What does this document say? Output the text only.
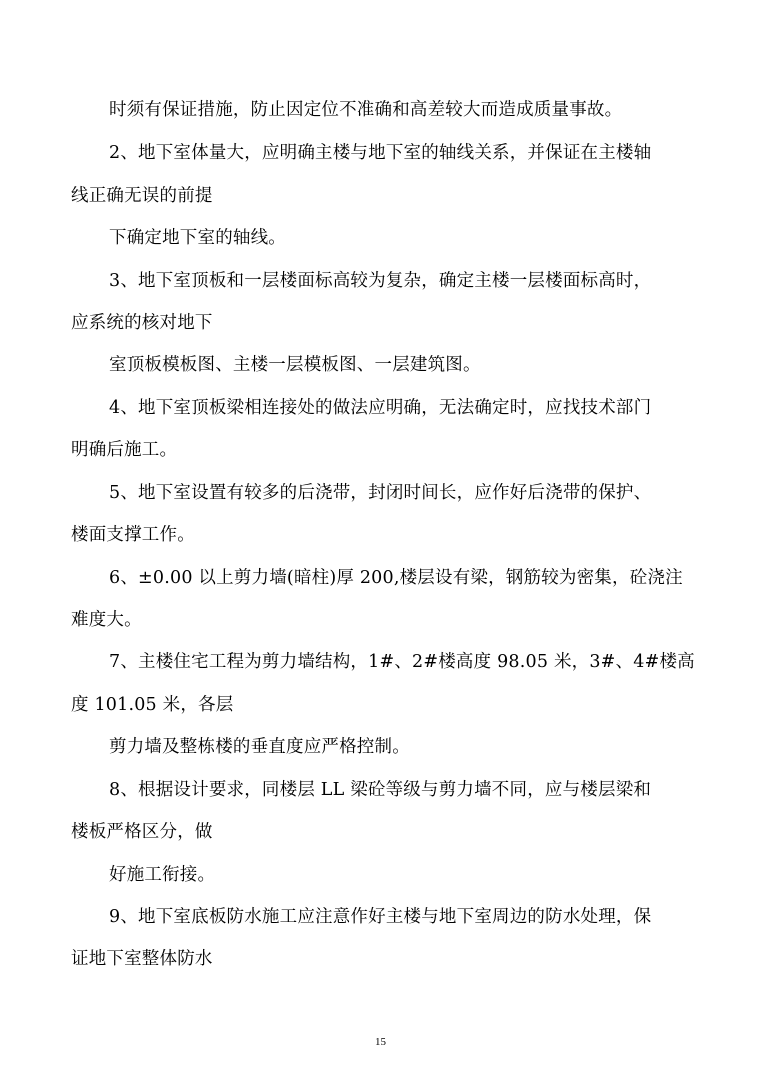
时须有保证措施，防止因定位不准确和高差较大而造成质量事故。
2、地下室体量大，应明确主楼与地下室的轴线关系，并保证在主楼轴
线正确无误的前提
下确定地下室的轴线。
3、地下室顶板和一层楼面标高较为复杂，确定主楼一层楼面标高时，
应系统的核对地下
室顶板模板图、主楼一层模板图、一层建筑图。
4、地下室顶板梁相连接处的做法应明确，无法确定时，应找技术部门
明确后施工。
5、地下室设置有较多的后浇带，封闭时间长，应作好后浇带的保护、
楼面支撑工作。
6、±0.00 以上剪力墙(暗柱)厚 200,楼层设有梁，钢筋较为密集，砼浇注
难度大。
7、主楼住宅工程为剪力墙结构，1#、2#楼高度 98.05 米，3#、4#楼高
度 101.05 米，各层
剪力墙及整栋楼的垂直度应严格控制。
8、根据设计要求，同楼层 LL 梁砼等级与剪力墙不同，应与楼层梁和
楼板严格区分，做
好施工衔接。
9、地下室底板防水施工应注意作好主楼与地下室周边的防水处理，保
证地下室整体防水
15
